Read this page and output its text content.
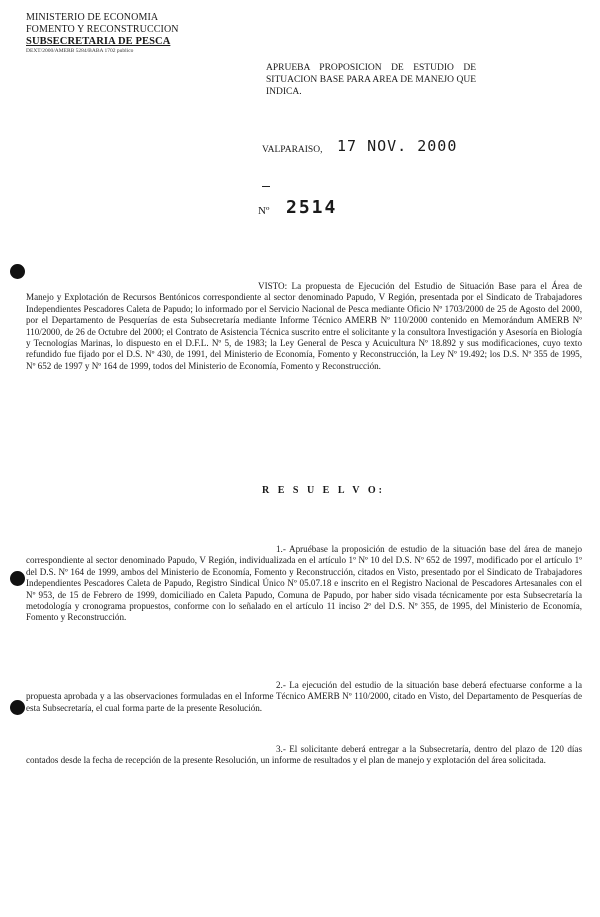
MINISTERIO DE ECONOMIA
FOMENTO Y RECONSTRUCCION
SUBSECRETARIA DE PESCA
DEXT/2000/AMERB 5284/BABA 1702 publico
APRUEBA PROPOSICION DE ESTUDIO DE SITUACION BASE PARA AREA DE MANEJO QUE INDICA.
VALPARAISO, 17 NOV. 2000
Nº 2514
VISTO: La propuesta de Ejecución del Estudio de Situación Base para el Área de Manejo y Explotación de Recursos Bentónicos correspondiente al sector denominado Papudo, V Región, presentada por el Sindicato de Trabajadores Independientes Pescadores Caleta de Papudo; lo informado por el Servicio Nacional de Pesca mediante Oficio Nº 1703/2000 de 25 de Agosto del 2000, por el Departamento de Pesquerías de esta Subsecretaría mediante Informe Técnico AMERB Nº 110/2000 contenido en Memorándum AMERB Nº 110/2000, de 26 de Octubre del 2000; el Contrato de Asistencia Técnica suscrito entre el solicitante y la consultora Investigación y Asesoría en Biología y Tecnologías Marinas, lo dispuesto en el D.F.L. Nº 5, de 1983; la Ley General de Pesca y Acuicultura Nº 18.892 y sus modificaciones, cuyo texto refundido fue fijado por el D.S. Nº 430, de 1991, del Ministerio de Economía, Fomento y Reconstrucción, la Ley Nº 19.492; los D.S. Nº 355 de 1995, Nº 652 de 1997 y Nº 164 de 1999, todos del Ministerio de Economía, Fomento y Reconstrucción.
R E S U E L V O:
1.- Apruébase la proposición de estudio de la situación base del área de manejo correspondiente al sector denominado Papudo, V Región, individualizada en el artículo 1º Nº 10 del D.S. Nº 652 de 1997, modificado por el artículo 1º del D.S. Nº 164 de 1999, ambos del Ministerio de Economía, Fomento y Reconstrucción, citados en Visto, presentado por el Sindicato de Trabajadores Independientes Pescadores Caleta de Papudo, Registro Sindical Único Nº 05.07.18 e inscrito en el Registro Nacional de Pescadores Artesanales con el Nº 953, de 15 de Febrero de 1999, domiciliado en Caleta Papudo, Comuna de Papudo, por haber sido visada técnicamente por esta Subsecretaría la metodología y cronograma propuestos, conforme con lo señalado en el artículo 11 inciso 2º del D.S. Nº 355, de 1995, del Ministerio de Economía, Fomento y Reconstrucción.
2.- La ejecución del estudio de la situación base deberá efectuarse conforme a la propuesta aprobada y a las observaciones formuladas en el Informe Técnico AMERB Nº 110/2000, citado en Visto, del Departamento de Pesquerías de esta Subsecretaría, el cual forma parte de la presente Resolución.
3.- El solicitante deberá entregar a la Subsecretaría, dentro del plazo de 120 días contados desde la fecha de recepción de la presente Resolución, un informe de resultados y el plan de manejo y explotación del área solicitada.
